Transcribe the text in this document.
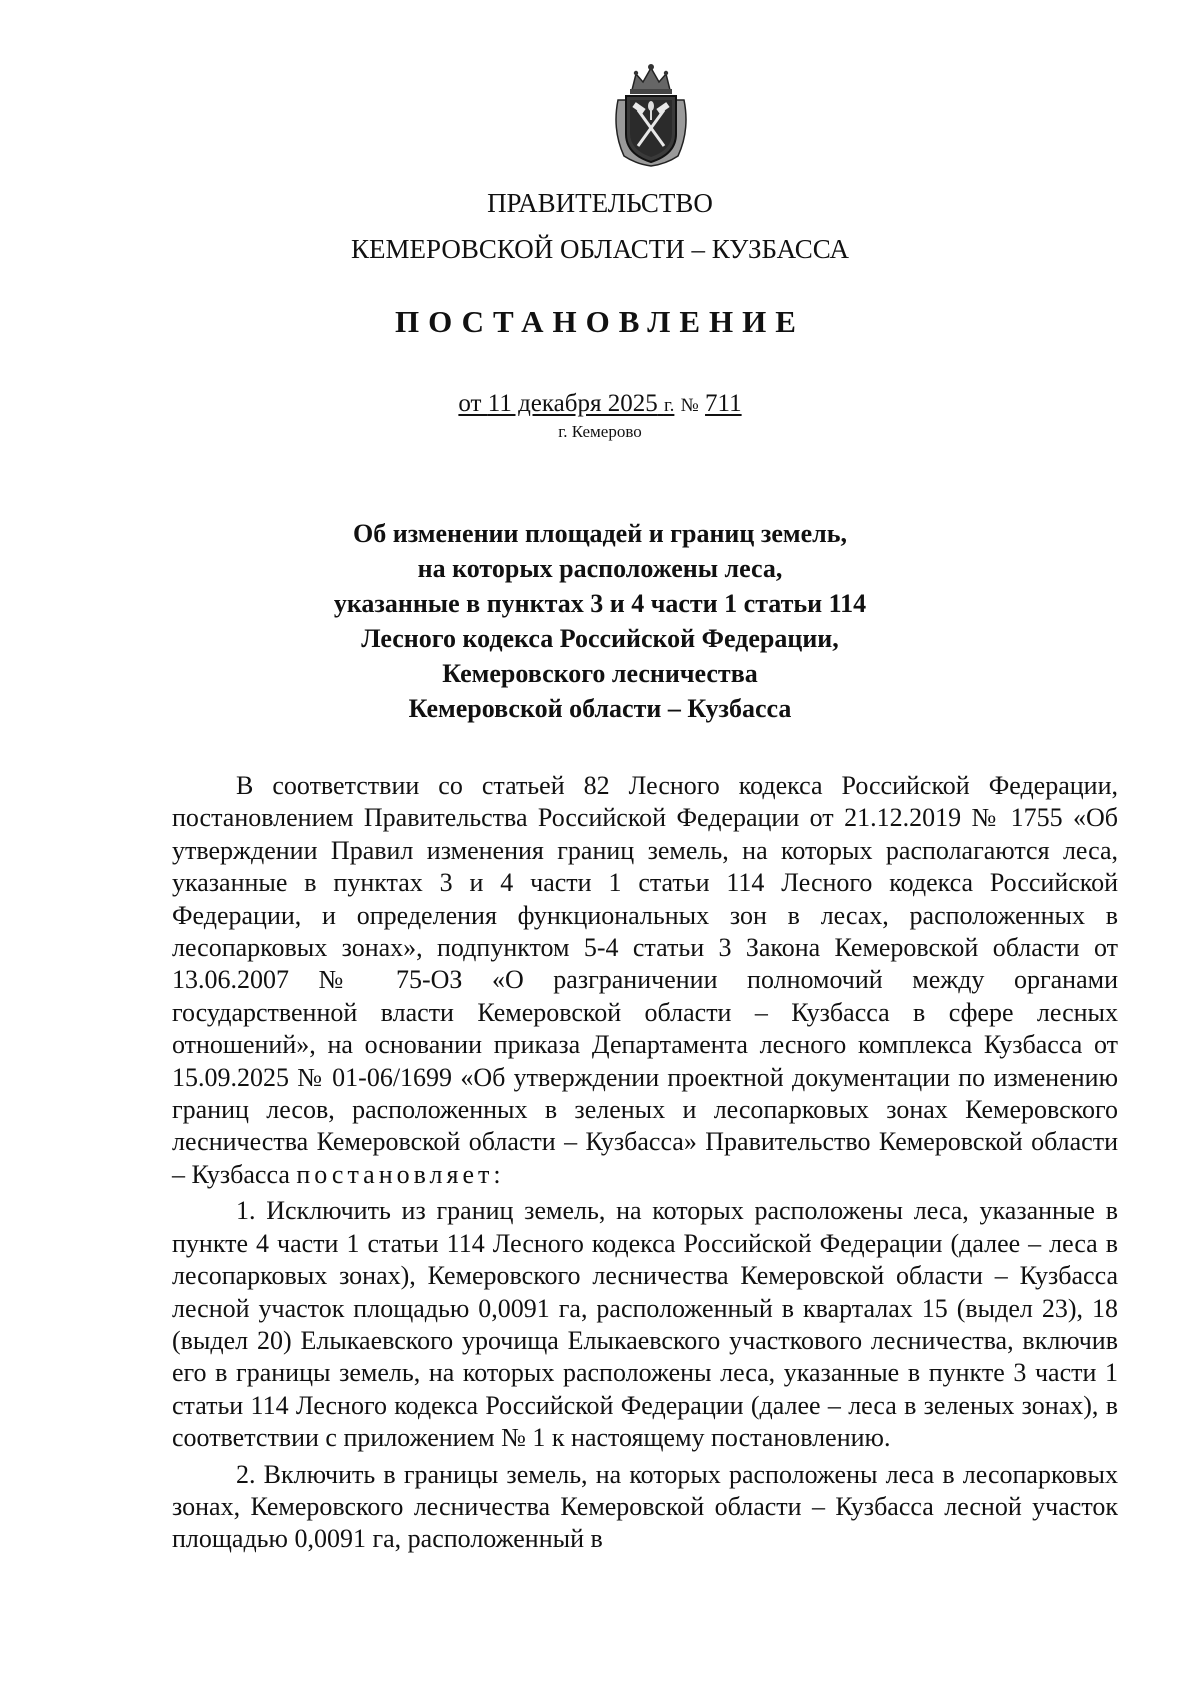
ПРАВИТЕЛЬСТВО
КЕМЕРОВСКОЙ ОБЛАСТИ – КУЗБАССА
ПОСТАНОВЛЕНИЕ
от 11 декабря 2025 г. № 711
г. Кемерово
Об изменении площадей и границ земель,
на которых расположены леса,
указанные в пунктах 3 и 4 части 1 статьи 114
Лесного кодекса Российской Федерации,
Кемеровского лесничества
Кемеровской области – Кузбасса

В соответствии со статьей 82 Лесного кодекса Российской Федерации, постановлением Правительства Российской Федерации от 21.12.2019 № 1755 «Об утверждении Правил изменения границ земель, на которых располагаются леса, указанные в пунктах 3 и 4 части 1 статьи 114 Лесного кодекса Российской Федерации, и определения функциональных зон в лесах, расположенных в лесопарковых зонах», подпунктом 5-4 статьи 3 Закона Кемеровской области от 13.06.2007 № 75-ОЗ «О разграничении полномочий между органами государственной власти Кемеровской области – Кузбасса в сфере лесных отношений», на основании приказа Департамента лесного комплекса Кузбасса от 15.09.2025 № 01-06/1699 «Об утверждении проектной документации по изменению границ лесов, расположенных в зеленых и лесопарковых зонах Кемеровского лесничества Кемеровской области – Кузбасса» Правительство Кемеровской области – Кузбасса постановляет:

1. Исключить из границ земель, на которых расположены леса, указанные в пункте 4 части 1 статьи 114 Лесного кодекса Российской Федерации (далее – леса в лесопарковых зонах), Кемеровского лесничества Кемеровской области – Кузбасса лесной участок площадью 0,0091 га, расположенный в кварталах 15 (выдел 23), 18 (выдел 20) Елыкаевского урочища Елыкаевского участкового лесничества, включив его в границы земель, на которых расположены леса, указанные в пункте 3 части 1 статьи 114 Лесного кодекса Российской Федерации (далее – леса в зеленых зонах), в соответствии с приложением № 1 к настоящему постановлению.

2. Включить в границы земель, на которых расположены леса в лесопарковых зонах, Кемеровского лесничества Кемеровской области – Кузбасса лесной участок площадью 0,0091 га, расположенный в
